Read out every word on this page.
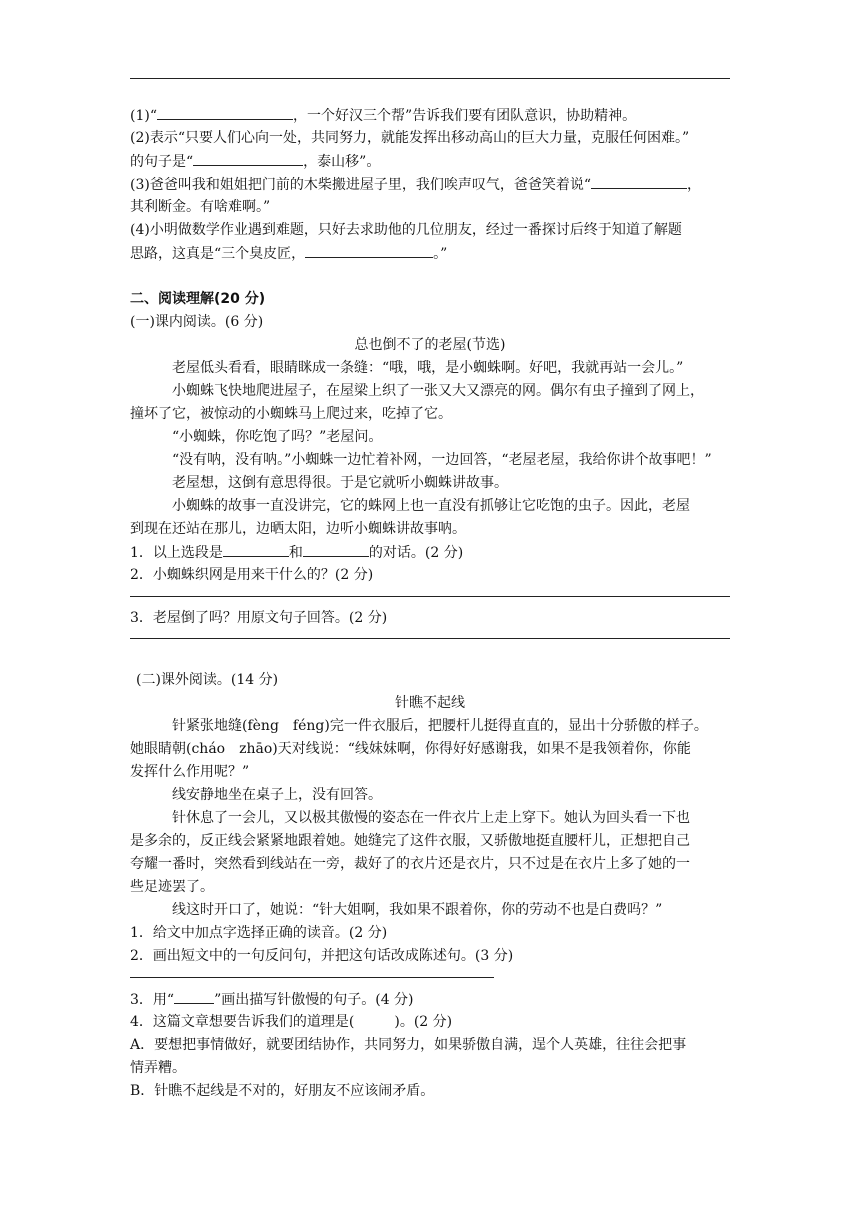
(1)“	，一个好汉三个帮”告诉我们要有团队意识，协助精神。
(2)表示“只要人们心向一处，共同努力，就能发挥出移动高山的巨大力量，克服任何困难。”
的句子是“	，泰山移”。
(3)爸爸叫我和姐姐把门前的木柴搬进屋子里，我们唉声叹气，爸爸笑着说“	，
其利断金。有啥难啊。”
(4)小明做数学作业遇到难题，只好去求助他的几位朋友，经过一番探讨后终于知道了解题
思路，这真是“三个臭皮匠，	。”
二、阅读理解(20 分)
(一)课内阅读。(6 分)
总也倒不了的老屋(节选)
老屋低头看看，眼睛眯成一条缝：“哦，哦，是小蜘蛛啊。好吧，我就再站一会儿。”
小蜘蛛飞快地爬进屋子，在屋梁上织了一张又大又漂亮的网。偶尔有虫子撞到了网上，
撞坏了它，被惊动的小蜘蛛马上爬过来，吃掉了它。
“小蜘蛛，你吃饱了吗？”老屋问。
“没有呐，没有呐。”小蜘蛛一边忙着补网，一边回答，“老屋老屋，我给你讲个故事吧！”
老屋想，这倒有意思得很。于是它就听小蜘蛛讲故事。
小蜘蛛的故事一直没讲完，它的蛛网上也一直没有抓够让它吃饱的虫子。因此，老屋
到现在还站在那儿，边晒太阳，边听小蜘蛛讲故事呐。
1．以上选段是	和	的对话。(2 分)
2．小蜘蛛织网是用来干什么的？(2 分)
3．老屋倒了吗？用原文句子回答。(2 分)
(二)课外阅读。(14 分)
针瞧不起线
针紧张地缝(fèng　féng)完一件衣服后，把腰杆儿挺得直直的，显出十分骄傲的样子。
她眼睛朝(cháo　zhāo)天对线说：“线妹妹啊，你得好好感谢我，如果不是我领着你，你能
发挥什么作用呢？”
线安静地坐在桌子上，没有回答。
针休息了一会儿，又以极其傲慢的姿态在一件衣片上走上穿下。她认为回头看一下也
是多余的，反正线会紧紧地跟着她。她缝完了这件衣服，又骄傲地挺直腰杆儿，正想把自己
夸耀一番时，突然看到线站在一旁，裁好了的衣片还是衣片，只不过是在衣片上多了她的一
些足迹罢了。
线这时开口了，她说：“针大姐啊，我如果不跟着你，你的劳动不也是白费吗？”
1．给文中加点字选择正确的读音。(2 分)
2．画出短文中的一句反问句，并把这句话改成陈述句。(3 分)
3．用“	”画出描写针傲慢的句子。(4 分)
4．这篇文章想要告诉我们的道理是(	)。(2 分)
A．要想把事情做好，就要团结协作，共同努力，如果骄傲自满，逞个人英雄，往往会把事
情弄糟。
B．针瞧不起线是不对的，好朋友不应该闹矛盾。
